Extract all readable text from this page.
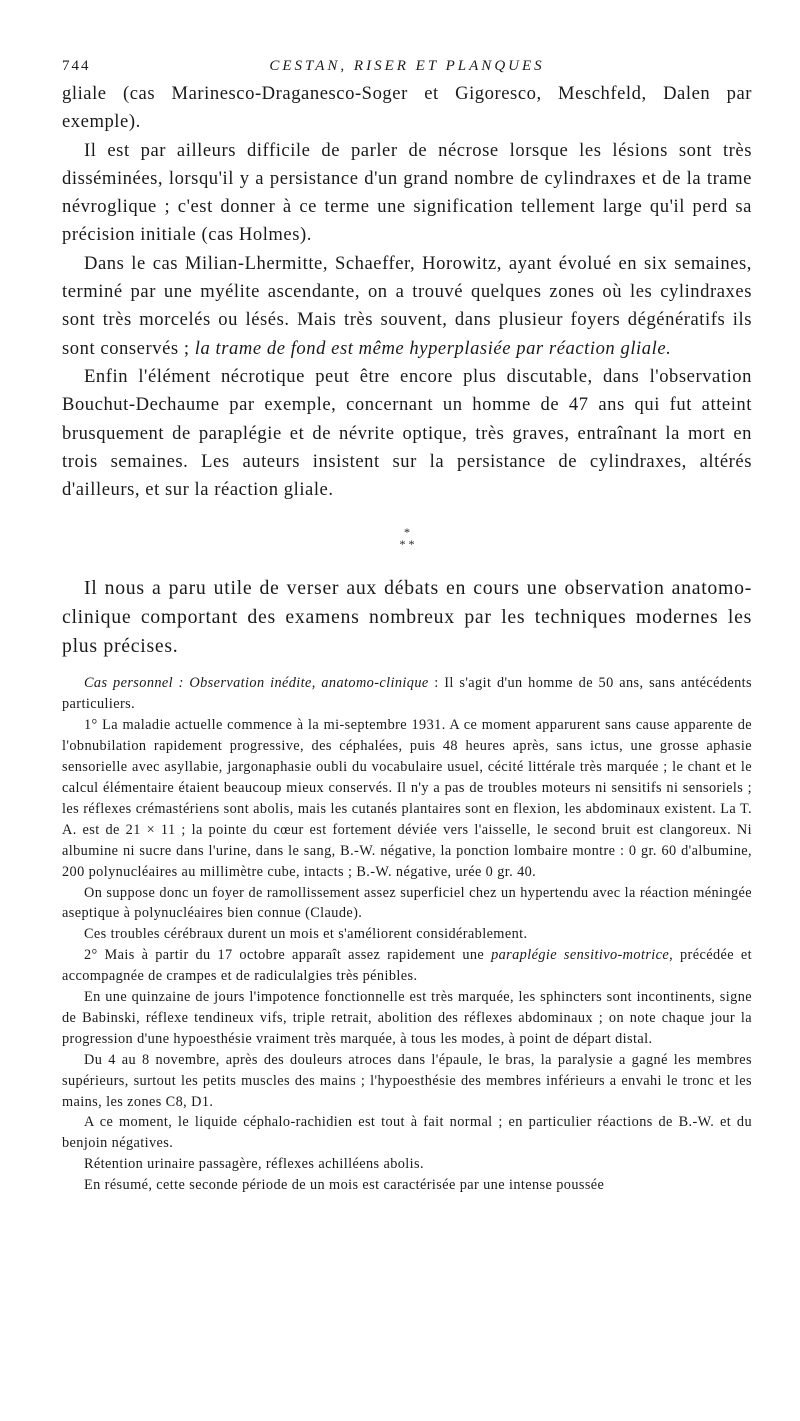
744	CESTAN, RISER ET PLANQUES

gliale (cas Marinesco-Draganesco-Soger et Gigoresco, Meschfeld, Dalen par exemple).

Il est par ailleurs difficile de parler de nécrose lorsque les lésions sont très disséminées, lorsqu'il y a persistance d'un grand nombre de cylindraxes et de la trame névroglique ; c'est donner à ce terme une signification tellement large qu'il perd sa précision initiale (cas Holmes).

Dans le cas Milian-Lhermitte, Schaeffer, Horowitz, ayant évolué en six semaines, terminé par une myélite ascendante, on a trouvé quelques zones où les cylindraxes sont très morcelés ou lésés. Mais très souvent, dans plusieur foyers dégénératifs ils sont conservés ; la trame de fond est même hyperplasiée par réaction gliale.

Enfin l'élément nécrotique peut être encore plus discutable, dans l'observation Bouchut-Dechaume par exemple, concernant un homme de 47 ans qui fut atteint brusquement de paraplégie et de névrite optique, très graves, entraînant la mort en trois semaines. Les auteurs insistent sur la persistance de cylindraxes, altérés d'ailleurs, et sur la réaction gliale.

*
* *

Il nous a paru utile de verser aux débats en cours une observation anatomo-clinique comportant des examens nombreux par les techniques modernes les plus précises.

Cas personnel : Observation inédite, anatomo-clinique : Il s'agit d'un homme de 50 ans, sans antécédents particuliers.

1° La maladie actuelle commence à la mi-septembre 1931. A ce moment apparurent sans cause apparente de l'obnubilation rapidement progressive, des céphalées, puis 48 heures après, sans ictus, une grosse aphasie sensorielle avec asyllabie, jargonaphasie oubli du vocabulaire usuel, cécité littérale très marquée ; le chant et le calcul élémentaire étaient beaucoup mieux conservés. Il n'y a pas de troubles moteurs ni sensitifs ni sensoriels ; les réflexes crémastériens sont abolis, mais les cutanés plantaires sont en flexion, les abdominaux existent. La T. A. est de 21 × 11 ; la pointe du cœur est fortement déviée vers l'aisselle, le second bruit est clangoreux. Ni albumine ni sucre dans l'urine, dans le sang, B.-W. négative, la ponction lombaire montre : 0 gr. 60 d'albumine, 200 polynucléaires au millimètre cube, intacts ; B.-W. négative, urée 0 gr. 40.

On suppose donc un foyer de ramollissement assez superficiel chez un hypertendu avec la réaction méningée aseptique à polynucléaires bien connue (Claude).

Ces troubles cérébraux durent un mois et s'améliorent considérablement.

2° Mais à partir du 17 octobre apparaît assez rapidement une paraplégie sensitivo-motrice, précédée et accompagnée de crampes et de radiculalgies très pénibles.

En une quinzaine de jours l'impotence fonctionnelle est très marquée, les sphincters sont incontinents, signe de Babinski, réflexe tendineux vifs, triple retrait, abolition des réflexes abdominaux ; on note chaque jour la progression d'une hypoesthésie vraiment très marquée, à tous les modes, à point de départ distal.

Du 4 au 8 novembre, après des douleurs atroces dans l'épaule, le bras, la paralysie a gagné les membres supérieurs, surtout les petits muscles des mains ; l'hypoesthésie des membres inférieurs a envahi le tronc et les mains, les zones C8, D1.

A ce moment, le liquide céphalo-rachidien est tout à fait normal ; en particulier réactions de B.-W. et du benjoin négatives.

Rétention urinaire passagère, réflexes achilléens abolis.

En résumé, cette seconde période de un mois est caractérisée par une intense poussée
